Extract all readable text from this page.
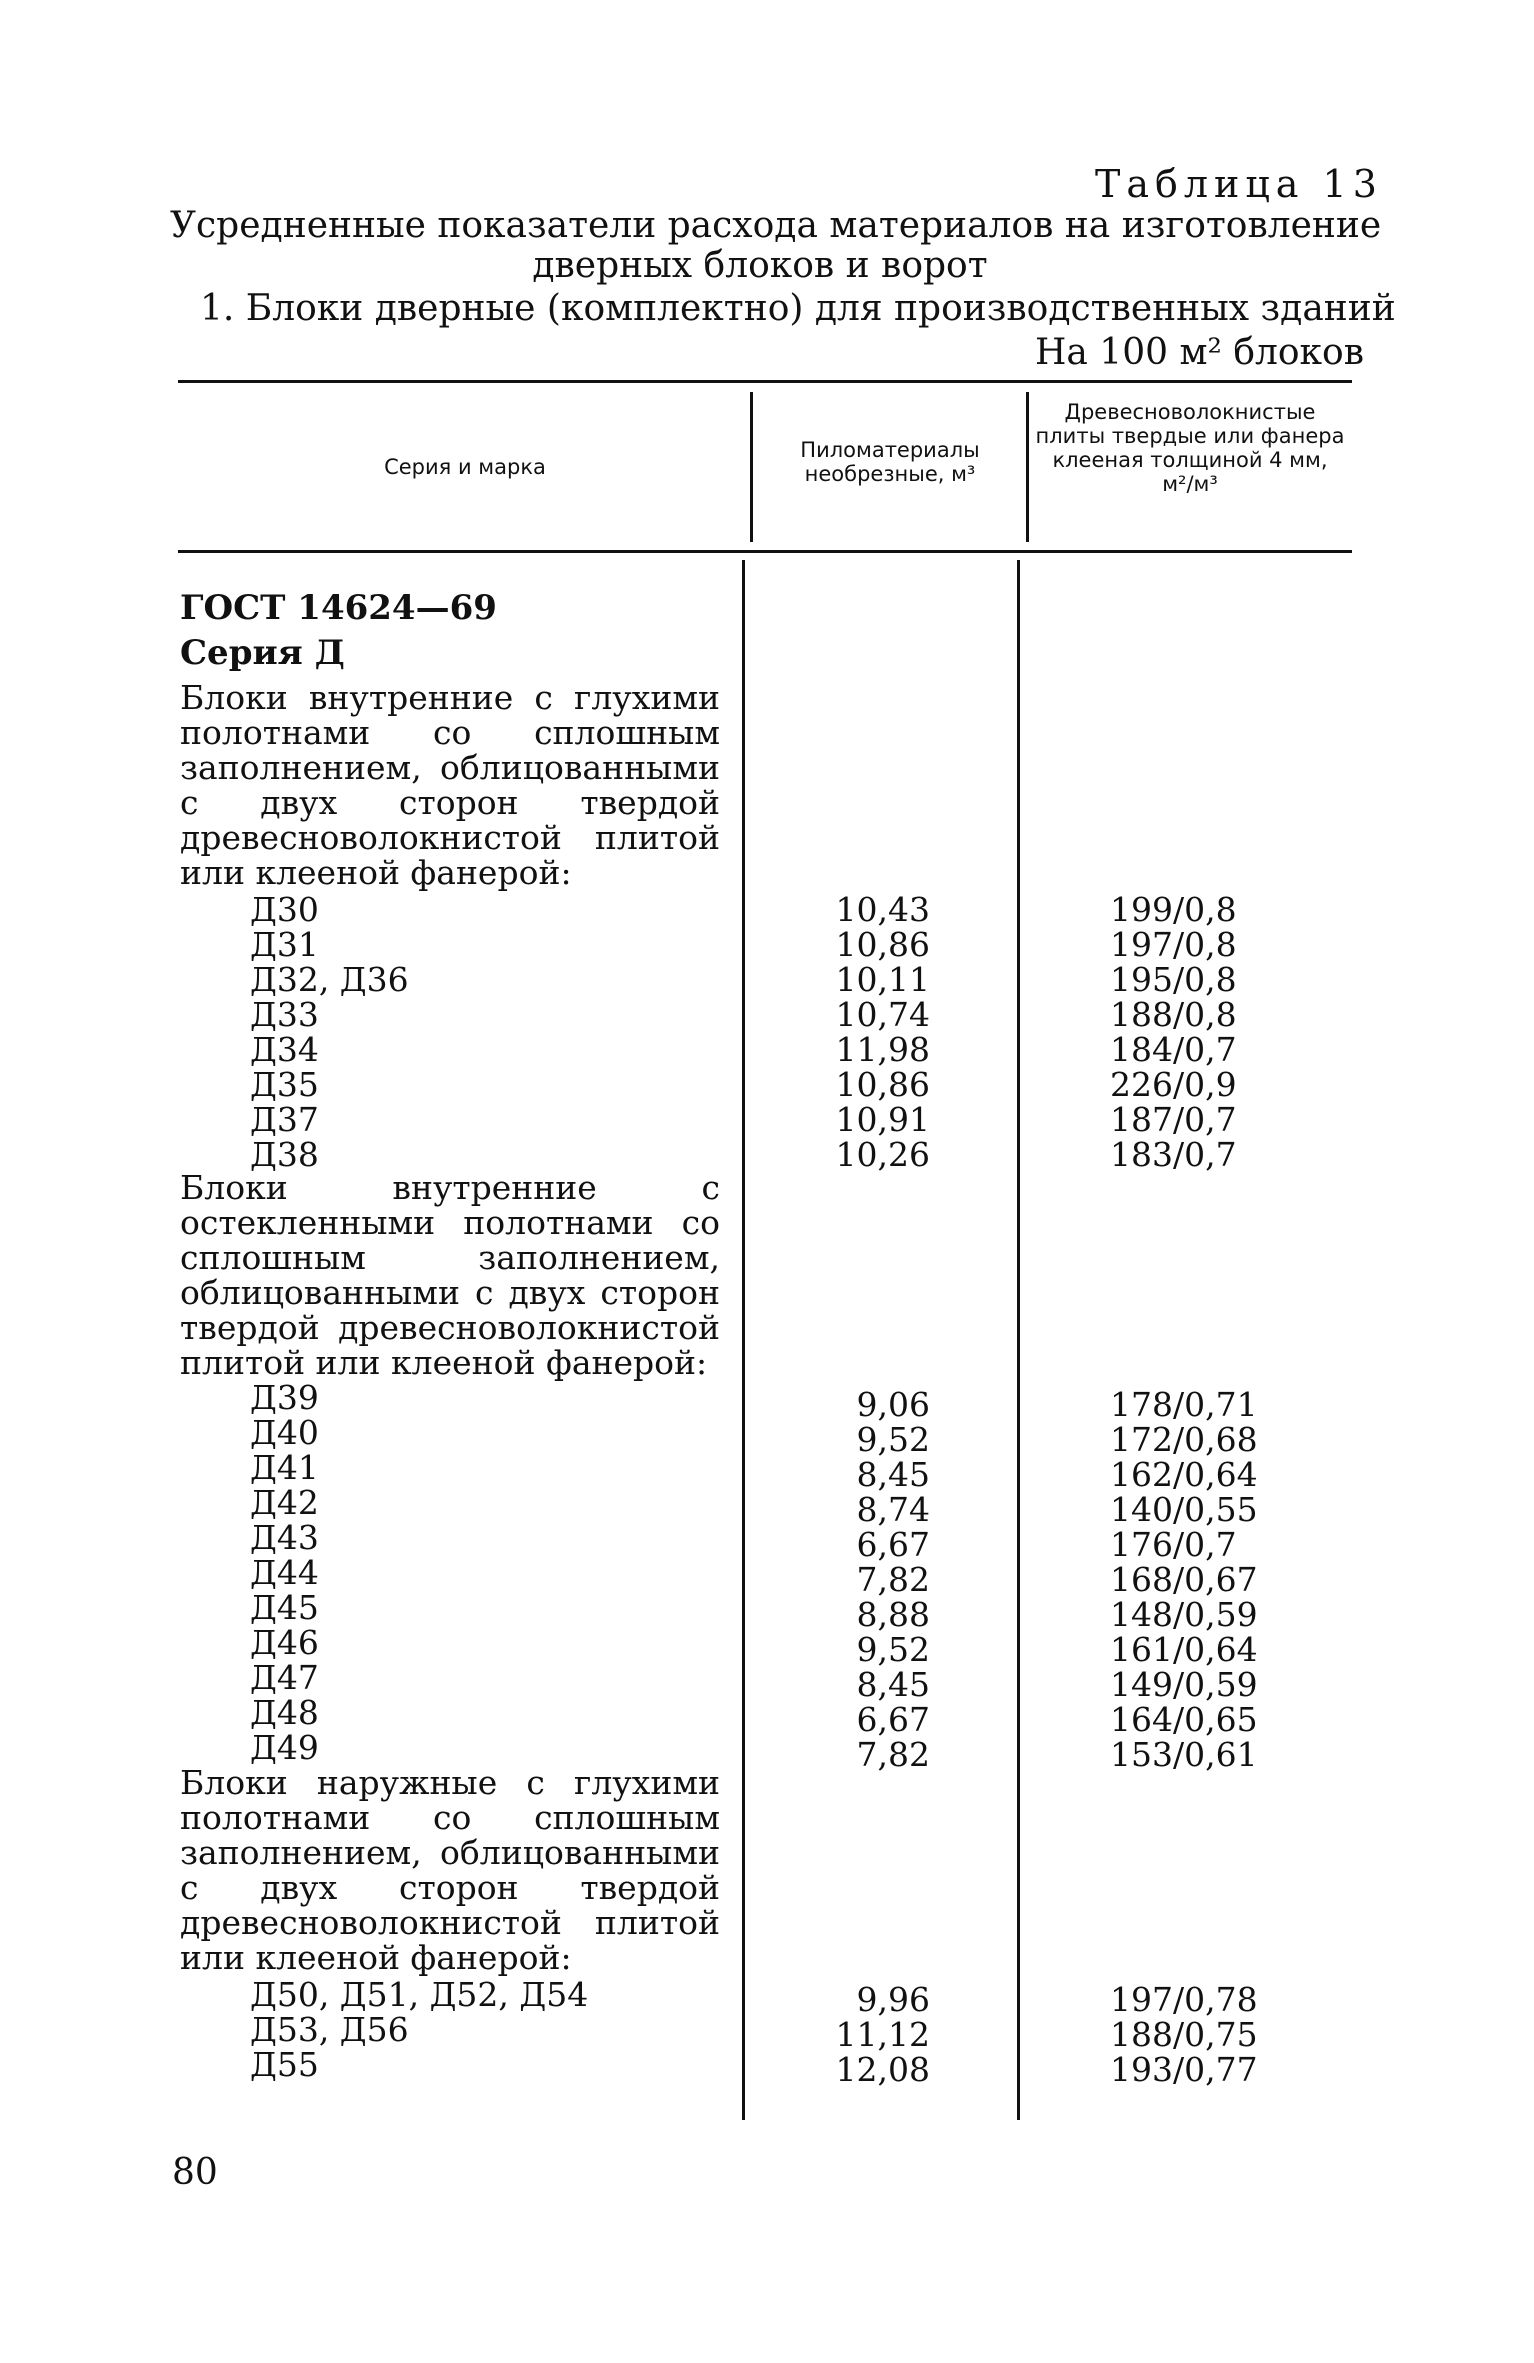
Таблица 13
Усредненные показатели расхода материалов на изготовление
дверных блоков и ворот
1. Блоки дверные (комплектно) для производственных зданий
На 100 м² блоков
Серия и марка
Пиломатериалы необрезные, м³
Древесноволокнистые плиты твердые или фанера клееная толщиной 4 мм, м²/м³
ГОСТ 14624—69
Серия Д
Блоки внутренние с глухими полотнами со сплошным заполнением, облицованными с двух сторон твердой древесноволокнистой плитой или клееной фанерой:
Д30	10,43	199/0,8
Д31	10,86	197/0,8
Д32, Д36	10,11	195/0,8
Д33	10,74	188/0,8
Д34	11,98	184/0,7
Д35	10,86	226/0,9
Д37	10,91	187/0,7
Д38	10,26	183/0,7
Блоки внутренние с остекленными полотнами со сплошным заполнением, облицованными с двух сторон твердой древесноволокнистой плитой или клееной фанерой:
Д39	9,06	178/0,71
Д40	9,52	172/0,68
Д41	8,45	162/0,64
Д42	8,74	140/0,55
Д43	6,67	176/0,7
Д44	7,82	168/0,67
Д45	8,88	148/0,59
Д46	9,52	161/0,64
Д47	8,45	149/0,59
Д48	6,67	164/0,65
Д49	7,82	153/0,61
Блоки наружные с глухими полотнами со сплошным заполнением, облицованными с двух сторон твердой древесноволокнистой плитой или клееной фанерой:
Д50, Д51, Д52, Д54	9,96	197/0,78
Д53, Д56	11,12	188/0,75
Д55	12,08	193/0,77
80
